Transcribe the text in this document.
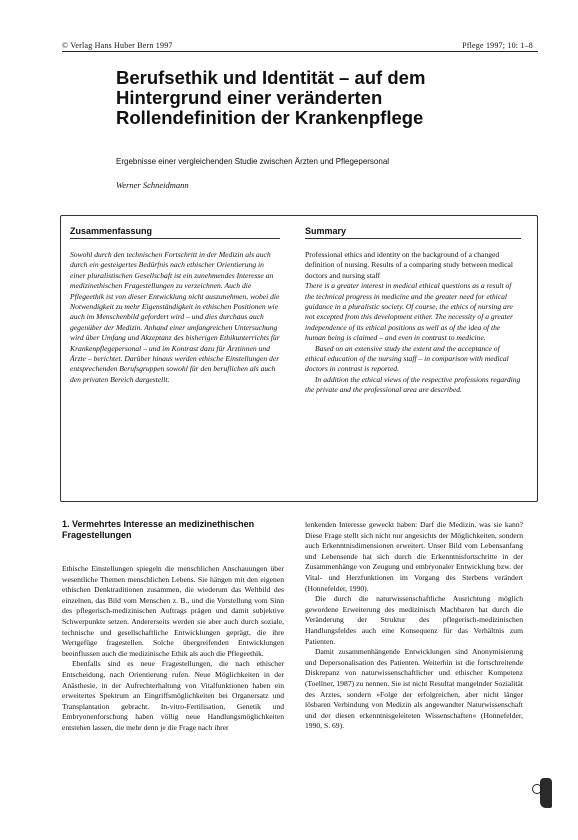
© Verlag Hans Huber Bern 1997	Pflege 1997; 10: 1–8
Berufsethik und Identität – auf dem Hintergrund einer veränderten Rollendefinition der Krankenpflege
Ergebnisse einer vergleichenden Studie zwischen Ärzten und Pflegepersonal
Werner Schneidmann
Zusammenfassung	Summary

Sowohl durch den technischen Fortschritt in der Medizin als auch durch ein gesteigertes Bedürfnis nach ethischer Orientierung in einer pluralistischen Gesellschaft ist ein zunehmendes Interesse an medizinethischen Fragestellungen zu verzeichnen. Auch die Pflegeethik ist von dieser Entwicklung nicht auszunehmen, wobei die Notwendigkeit zu mehr Eigenständigkeit in ethischen Positionen wie auch im Menschenbild gefordert wird – und dies durchaus auch gegenüber der Medizin. Anhand einer umfangreichen Untersuchung wird über Umfang und Akzeptanz des bisherigen Ethikunterrichts für Krankenpflegepersonal – und im Kontrast dazu für Ärztinnen und Ärzte – berichtet. Darüber hinaus werden ethische Einstellungen der entsprechenden Berufsgruppen sowohl für den beruflichen als auch den privaten Bereich dargestellt.

Professional ethics and identity on the background of a changed definition of nursing. Results of a comparing study between medical doctors and nursing staff

There is a greater interest in medical ethical questions as a result of the technical progress in medicine and the greater need for ethical guidance in a pluralistic society. Of course, the ethics of nursing are not excepted from this development either. The necessity of a greater independence of its ethical positions as well as of the idea of the human being is claimed – and even in contrast to medicine.

Based on an extensive study the extent and the acceptance of ethical education of the nursing staff – in comparison with medical doctors in contrast is reported.

In addition the ethical views of the respective professions regarding the private and the professional area are described.

1. Vermehrtes Interesse an medizinethischen Fragestellungen

Ethische Einstellungen spiegeln die menschlichen Anschauungen über wesentliche Themen menschlichen Lebens. Sie hängen mit den eigenen ethischen Denktraditionen zusammen, die wiederum das Weltbild des einzelnen, das Bild vom Menschen z. B., und die Vorstellung vom Sinn des pflegerisch-medizinischen Auftrags prägen und damit subjektive Schwerpunkte setzen. Andererseits werden sie aber auch durch soziale, technische und gesellschaftliche Entwicklungen geprägt, die ihre Wertgefüge fragestellen. Solche übergreifenden Entwicklungen beeinflussen auch die medizinische Ethik als auch die Pflegeethik.

Ebenfalls sind es neue Fragestellungen, die nach ethischer Entscheidung, nach Orientierung rufen. Neue Möglichkeiten in der Anästhesie, in der Aufrechterhaltung von Vitalfunktionen haben ein erweitertes Spektrum an Eingriffsmöglichkeiten bei Organersatz und Transplantation gebracht. In-vitro-Fertilisation, Genetik und Embryonenforschung haben völlig neue Handlungsmöglichkeiten entstehen lassen, die mehr denn je die Frage nach ihrer

lenkenden Interesse geweckt haben: Darf die Medizin, was sie kann? Diese Frage stellt sich nicht nur angesichts der Möglichkeiten, sondern auch Erkenntnisdimensionen erweitert. Unser Bild vom Lebensanfang und Lebensende hat sich durch die Erkenntnisfortschritte in der Zusammenhänge von Zeugung und embryonaler Entwicklung bzw. der Vital- und Herzfunktionen im Vorgang des Sterbens verändert (Honnefelder, 1990).

Die durch die naturwissenschaftliche Ausrichtung möglich gewordene Erweiterung des medizinisch Machbaren hat durch die Veränderung der Struktur des pflegerisch-medizinischen Handlungsfeldes auch eine Konsequenz für das Verhältnis zum Patienten.

Damit zusammenhängende Entwicklungen sind Anonymisierung und Depersonalisation des Patienten. Weiterhin ist die fortschreitende Diskrepanz von naturwissenschaftlicher und ethischer Kompetenz (Toellner, 1987) zu nennen. Sie ist nicht Resultat mangelnder Sozialität des Arztes, sondern »Folge der erfolgreichen, aber nicht länger lösbaren Verbindung von Medizin als angewandter Naturwissenschaft und der diesen erkenntnisgeleiteten Wissenschaften« (Honnefelder, 1990, S. 69).
